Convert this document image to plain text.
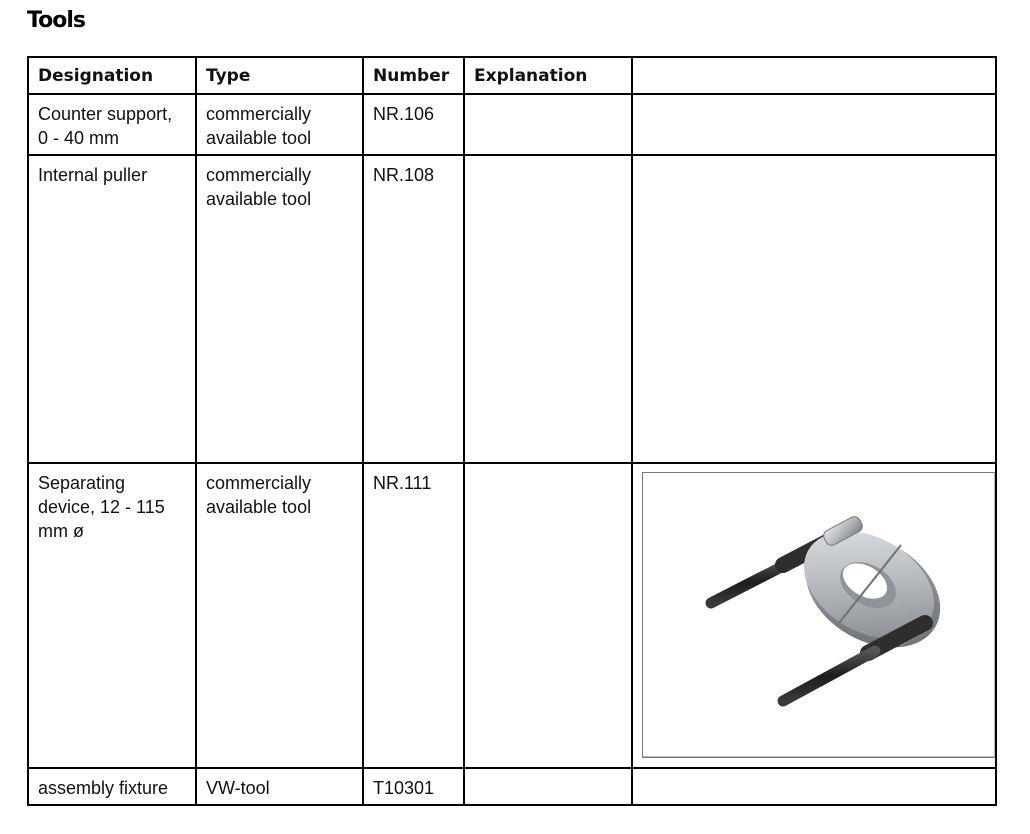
Tools
Designation	Type	Number	Explanation	
Counter support, 0 - 40 mm	commercially available tool	NR.106		
Internal puller	commercially available tool	NR.108		
Separating device, 12 - 115 mm ø	commercially available tool	NR.111		

assembly fixture	VW-tool	T10301		
